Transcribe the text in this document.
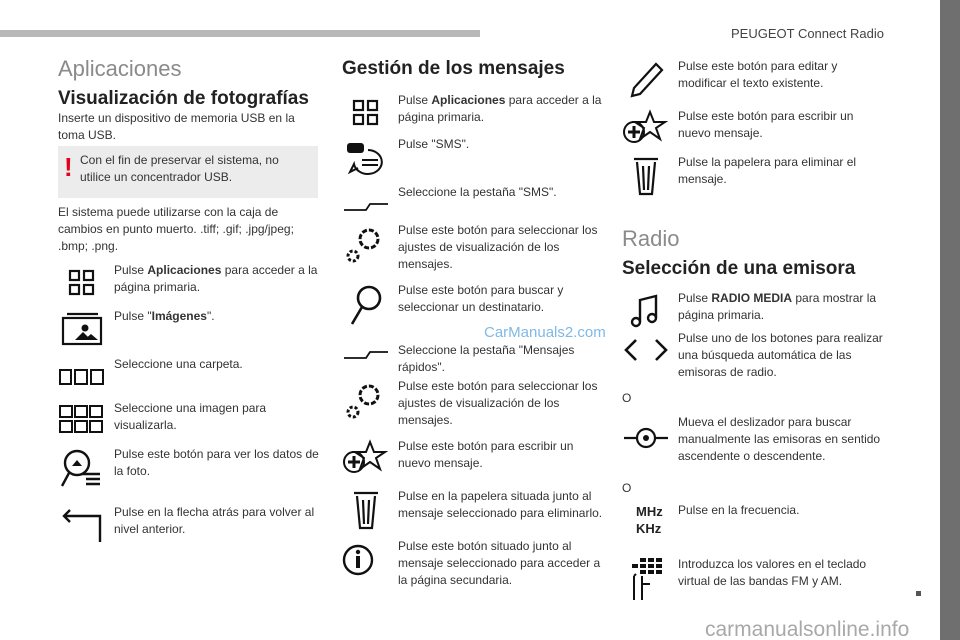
PEUGEOT Connect Radio
5
Aplicaciones
Visualización de fotografías
Inserte un dispositivo de memoria USB en la toma USB.
! Con el fin de preservar el sistema, no utilice un concentrador USB.
El sistema puede utilizarse con la caja de cambios en punto muerto. .tiff; .gif; .jpg/jpeg; .bmp; .png.
Pulse Aplicaciones para acceder a la página primaria.
Pulse "Imágenes".
Seleccione una carpeta.
Seleccione una imagen para visualizarla.
Pulse este botón para ver los datos de la foto.
Pulse en la flecha atrás para volver al nivel anterior.
Gestión de los mensajes
Pulse Aplicaciones para acceder a la página primaria.
Pulse "SMS".
Seleccione la pestaña "SMS".
Pulse este botón para seleccionar los ajustes de visualización de los mensajes.
Pulse este botón para buscar y seleccionar un destinatario.
Seleccione la pestaña "Mensajes rápidos".
Pulse este botón para seleccionar los ajustes de visualización de los mensajes.
Pulse este botón para escribir un nuevo mensaje.
Pulse en la papelera situada junto al mensaje seleccionado para eliminarlo.
Pulse este botón situado junto al mensaje seleccionado para acceder a la página secundaria.
CarManuals2.com
Pulse este botón para editar y modificar el texto existente.
Pulse este botón para escribir un nuevo mensaje.
Pulse la papelera para eliminar el mensaje.
Radio
Selección de una emisora
Pulse RADIO MEDIA para mostrar la página primaria.
Pulse uno de los botones para realizar una búsqueda automática de las emisoras de radio.
O
Mueva el deslizador para buscar manualmente las emisoras en sentido ascendente o descendente.
O
MHz
KHz
Pulse en la frecuencia.
Introduzca los valores en el teclado virtual de las bandas FM y AM.
carmanualsonline.info
